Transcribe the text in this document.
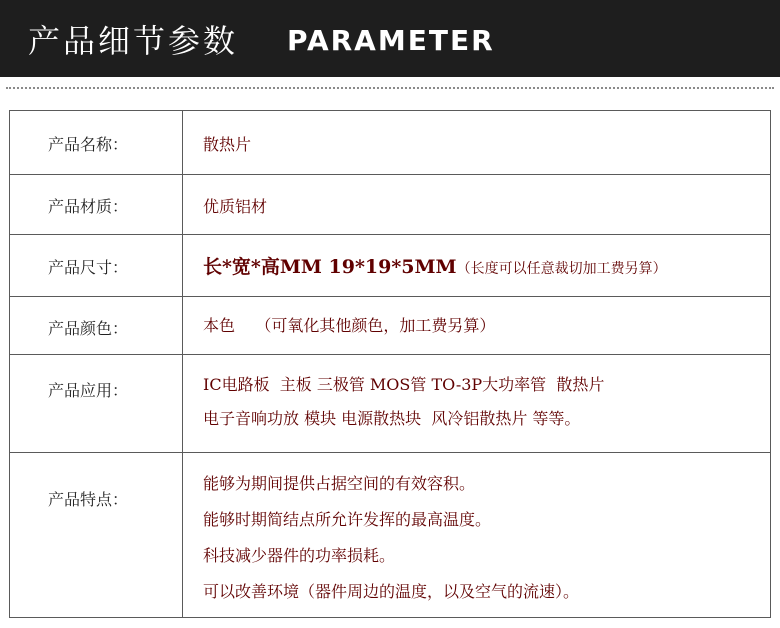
产品细节参数 PARAMETER
产品名称：	散热片
产品材质：	优质铝材
产品尺寸：	长*宽*高MM 19*19*5MM（长度可以任意裁切加工费另算）
产品颜色：	本色    （可氧化其他颜色，加工费另算）
产品应用：	IC电路板  主板 三极管 MOS管 TO-3P大功率管  散热片
电子音响功放 模块 电源散热块  风冷铝散热片 等等。
产品特点：
能够为期间提供占据空间的有效容积。
能够时期简结点所允许发挥的最高温度。
科技减少器件的功率损耗。
可以改善环境（器件周边的温度，以及空气的流速）。
